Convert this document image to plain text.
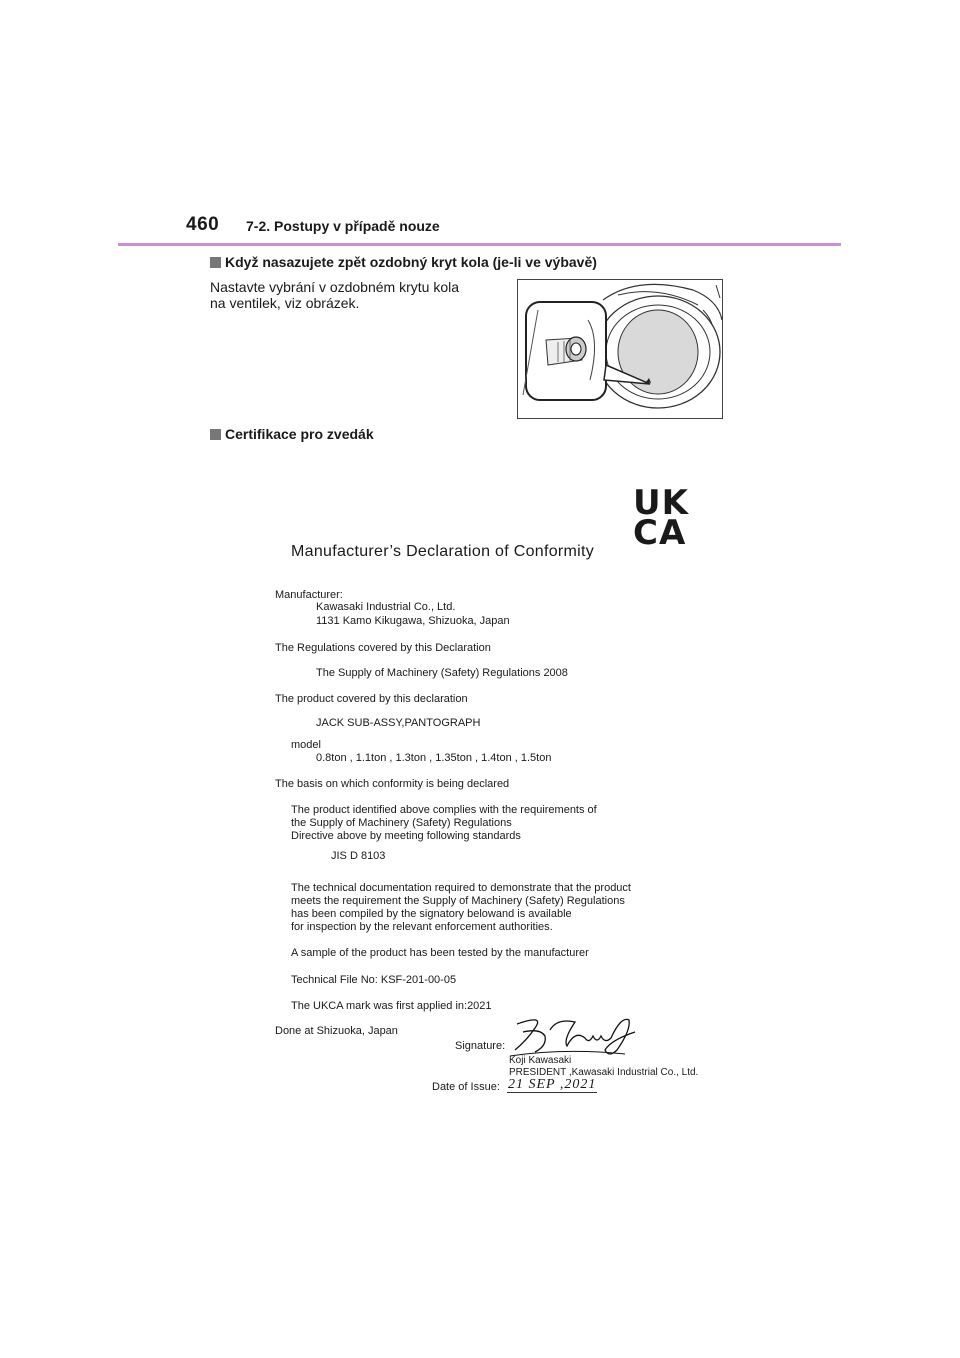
460 7-2. Postupy v případě nouze
Když nasazujete zpět ozdobný kryt kola (je-li ve výbavě)
Nastavte vybrání v ozdobném krytu kola
na ventilek, viz obrázek.
Certifikace pro zvedák
UK
CA
Manufacturer’s Declaration of Conformity
Manufacturer:
Kawasaki Industrial Co., Ltd.
1131 Kamo Kikugawa, Shizuoka, Japan
The Regulations covered by this Declaration
The Supply of Machinery (Safety) Regulations 2008
The product covered by this declaration
JACK SUB-ASSY,PANTOGRAPH
model
0.8ton , 1.1ton , 1.3ton , 1.35ton , 1.4ton , 1.5ton
The basis on which conformity is being declared
The product identified above complies with the requirements of
the Supply of Machinery (Safety) Regulations
Directive above by meeting following standards
JIS D 8103
The technical documentation required to demonstrate that the product
meets the requirement the Supply of Machinery (Safety) Regulations
has been compiled by the signatory belowand is available
for inspection by the relevant enforcement authorities.
A sample of the product has been tested by the manufacturer
Technical File No: KSF-201-00-05
The UKCA mark was first applied in:2021
Done at Shizuoka, Japan
Signature:
Koji Kawasaki
PRESIDENT ,Kawasaki Industrial Co., Ltd.
Date of Issue: 21 SEP ,2021
